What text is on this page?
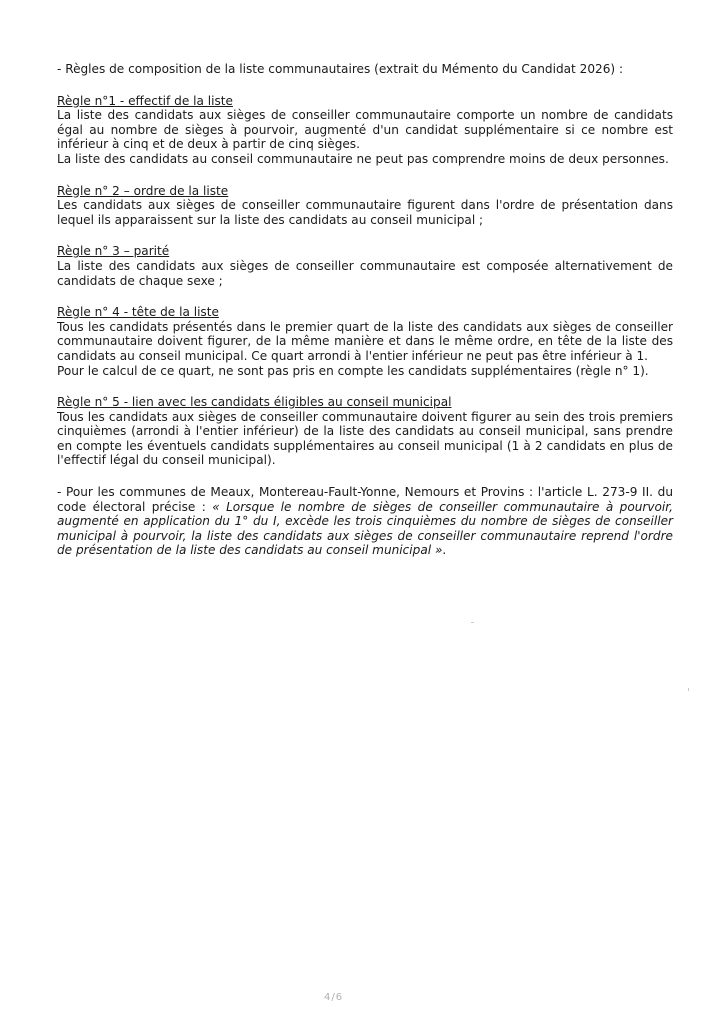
- Règles de composition de la liste communautaires (extrait du Mémento du Candidat 2026) :

Règle n°1 - effectif de la liste

La liste des candidats aux sièges de conseiller communautaire comporte un nombre de candidats égal au nombre de sièges à pourvoir, augmenté d'un candidat supplémentaire si ce nombre est inférieur à cinq et de deux à partir de cinq sièges.

La liste des candidats au conseil communautaire ne peut pas comprendre moins de deux personnes.

Règle n° 2 – ordre de la liste

Les candidats aux sièges de conseiller communautaire figurent dans l'ordre de présentation dans lequel ils apparaissent sur la liste des candidats au conseil municipal ;

Règle n° 3 – parité

La liste des candidats aux sièges de conseiller communautaire est composée alternativement de candidats de chaque sexe ;

Règle n° 4 - tête de la liste

Tous les candidats présentés dans le premier quart de la liste des candidats aux sièges de conseiller communautaire doivent figurer, de la même manière et dans le même ordre, en tête de la liste des candidats au conseil municipal. Ce quart arrondi à l'entier inférieur ne peut pas être inférieur à 1.

Pour le calcul de ce quart, ne sont pas pris en compte les candidats supplémentaires (règle n° 1).

Règle n° 5 - lien avec les candidats éligibles au conseil municipal

Tous les candidats aux sièges de conseiller communautaire doivent figurer au sein des trois premiers cinquièmes (arrondi à l'entier inférieur) de la liste des candidats au conseil municipal, sans prendre en compte les éventuels candidats supplémentaires au conseil municipal (1 à 2 candidats en plus de l'effectif légal du conseil municipal).

- Pour les communes de Meaux, Montereau-Fault-Yonne, Nemours et Provins : l'article L. 273-9 II. du code électoral précise : « Lorsque le nombre de sièges de conseiller communautaire à pourvoir, augmenté en application du 1° du I, excède les trois cinquièmes du nombre de sièges de conseiller municipal à pourvoir, la liste des candidats aux sièges de conseiller communautaire reprend l'ordre de présentation de la liste des candidats au conseil municipal ».

4/6
